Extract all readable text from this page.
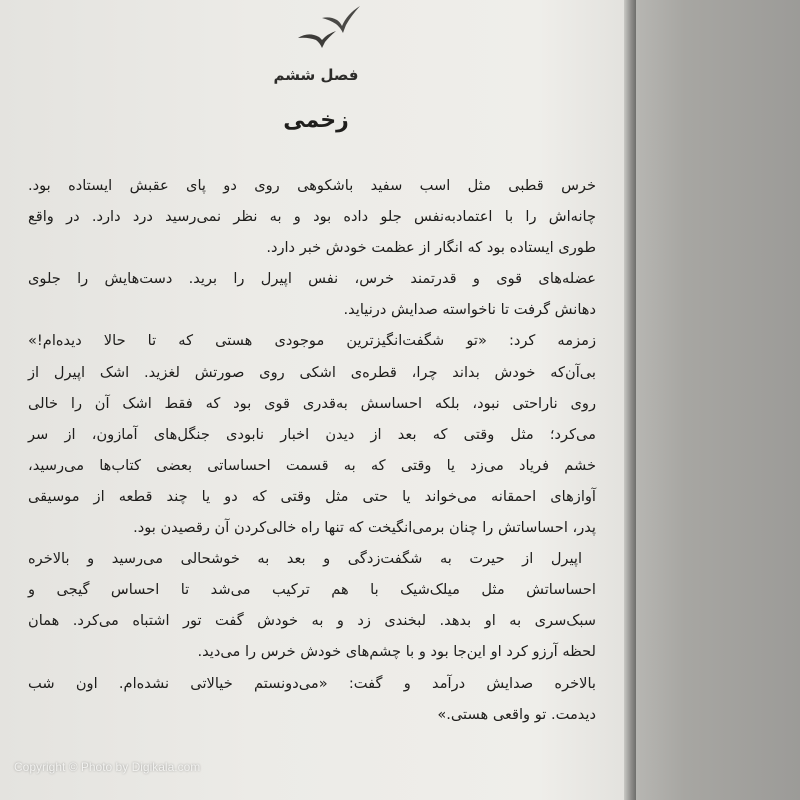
فصل ششم
زخمی
خرس قطبی مثل اسب سفید باشکوهی روی دو پای عقبش ایستاده بود.
چانه‌اش را با اعتمادبه‌نفس جلو داده بود و به نظر نمی‌رسید درد دارد. در واقع
طوری ایستاده بود که انگار از عظمت خودش خبر دارد.
عضله‌های قوی و قدرتمند خرس، نفس اپیرل را برید. دست‌هایش را جلوی
دهانش گرفت تا ناخواسته صدایش درنیاید.
زمزمه کرد: «تو شگفت‌انگیزترین موجودی هستی که تا حالا دیده‌ام!»
بی‌آن‌که خودش بداند چرا، قطره‌ی اشکی روی صورتش لغزید. اشک اپیرل از
روی ناراحتی نبود، بلکه احساسش به‌قدری قوی بود که فقط اشک آن را خالی
می‌کرد؛ مثل وقتی که بعد از دیدن اخبار نابودی جنگل‌های آمازون، از سر
خشم فریاد می‌زد یا وقتی که به قسمت احساساتی بعضی کتاب‌ها می‌رسید،
آوازهای احمقانه می‌خواند یا حتی مثل وقتی که دو یا چند قطعه از موسیقی
پدر، احساساتش را چنان برمی‌انگیخت که تنها راه خالی‌کردن آن رقصیدن بود.
اپیرل از حیرت به شگفت‌زدگی و بعد به خوشحالی می‌رسید و بالاخره
احساساتش مثل میلک‌شیک با هم ترکیب می‌شد تا احساس گیجی و
سبک‌سری به او بدهد. لبخندی زد و به خودش گفت تور اشتباه می‌کرد. همان
لحظه آرزو کرد او این‌جا بود و با چشم‌های خودش خرس را می‌دید.
بالاخره صدایش درآمد و گفت: «می‌دونستم خیالاتی نشده‌ام. اون شب
دیدمت. تو واقعی هستی.»
Copyright © Photo by Digikala.com
